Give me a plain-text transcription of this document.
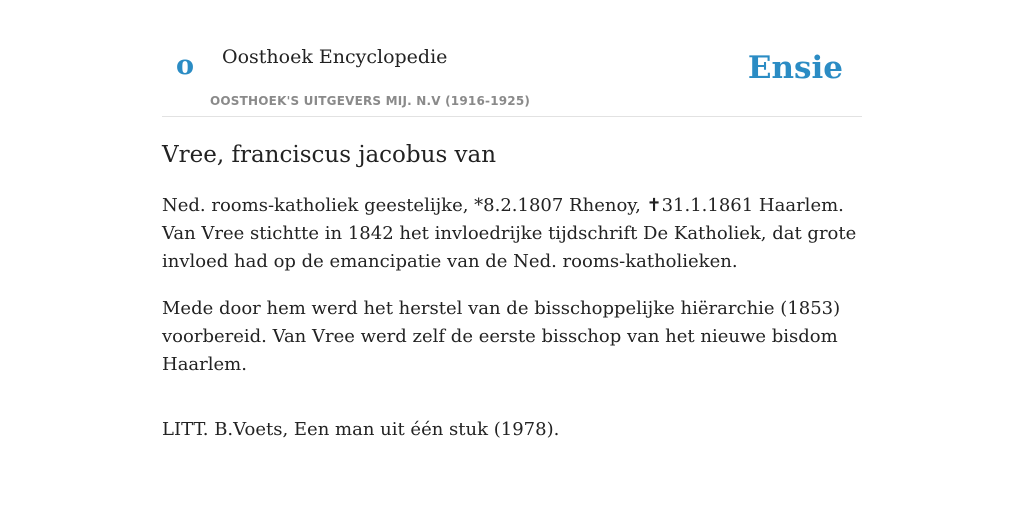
o Oosthoek Encyclopedie
OOSTHOEK'S UITGEVERS MIJ. N.V (1916-1925)
Ensie
Vree, franciscus jacobus van

Ned. rooms-katholiek geestelijke, *8.2.1807 Rhenoy, ✝31.1.1861 Haarlem. Van Vree stichtte in 1842 het invloedrijke tijdschrift De Katholiek, dat grote invloed had op de emancipatie van de Ned. rooms-katholieken.

Mede door hem werd het herstel van de bisschoppelijke hiërarchie (1853) voorbereid. Van Vree werd zelf de eerste bisschop van het nieuwe bisdom Haarlem.

LITT. B.Voets, Een man uit één stuk (1978).
